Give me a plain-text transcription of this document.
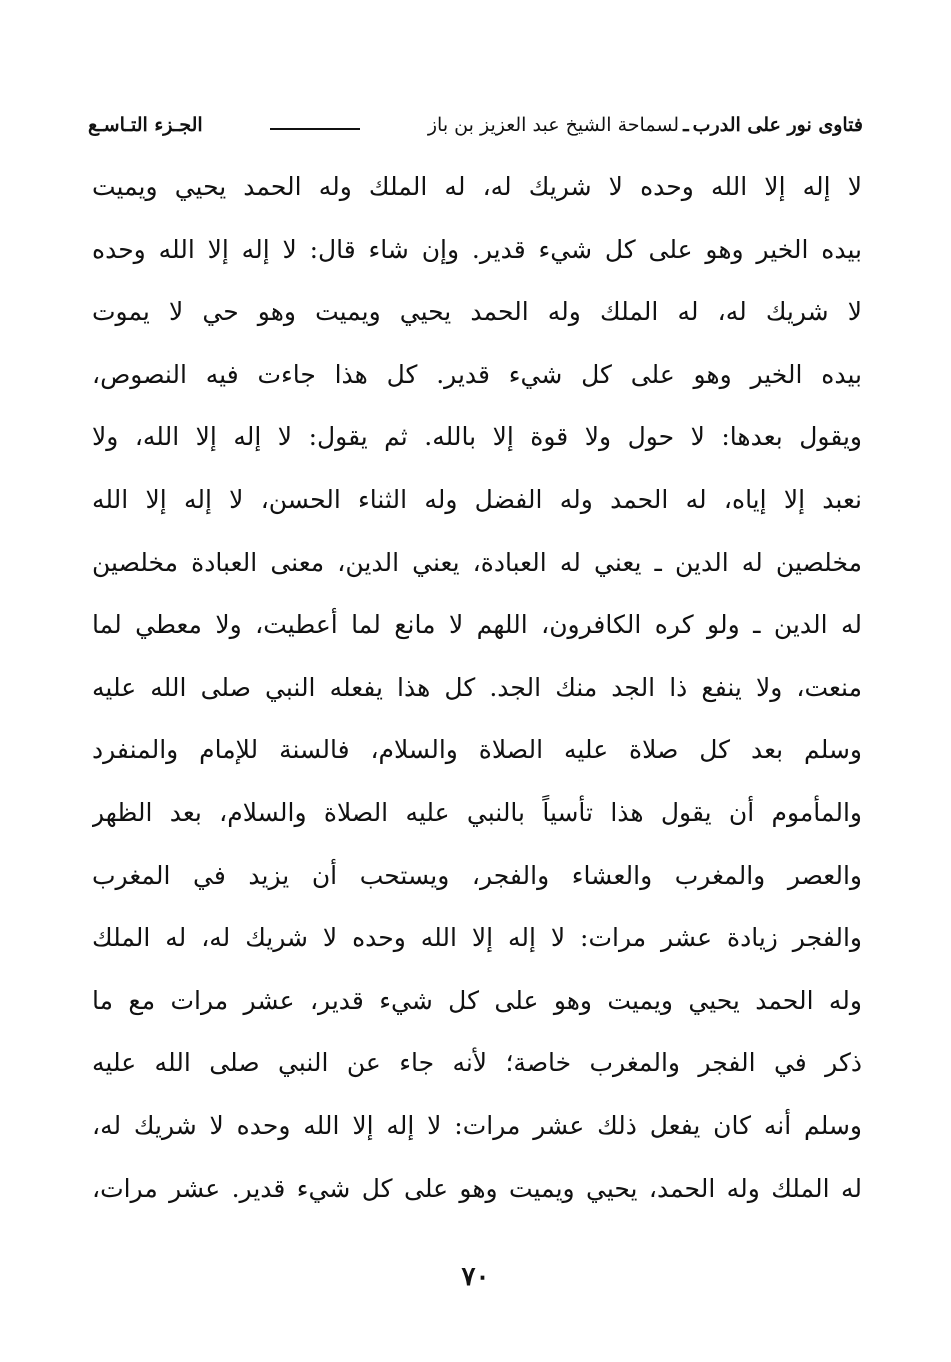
فتاوى نور على الدرب
ـ
لسماحة الشيخ عبد العزيز بن باز
الجـزء التـاسـع
لا إله إلا الله وحده لا شريك له، له الملك وله الحمد يحيي ويميت
بيده الخير وهو على كل شيء قدير. وإن شاء قال: لا إله إلا الله وحده
لا شريك له، له الملك وله الحمد يحيي ويميت وهو حي لا يموت
بيده الخير وهو على كل شيء قدير. كل هذا جاءت فيه النصوص،
ويقول بعدها: لا حول ولا قوة إلا بالله. ثم يقول: لا إله إلا الله، ولا
نعبد إلا إياه، له الحمد وله الفضل وله الثناء الحسن، لا إله إلا الله
مخلصين له الدين ـ يعني له العبادة، يعني الدين، معنى العبادة مخلصين
له الدين ـ ولو كره الكافرون، اللهم لا مانع لما أعطيت، ولا معطي لما
منعت، ولا ينفع ذا الجد منك الجد. كل هذا يفعله النبي صلى الله عليه
وسلم بعد كل صلاة عليه الصلاة والسلام، فالسنة للإمام والمنفرد
والمأموم أن يقول هذا تأسياً بالنبي عليه الصلاة والسلام، بعد الظهر
والعصر والمغرب والعشاء والفجر، ويستحب أن يزيد في المغرب
والفجر زيادة عشر مرات: لا إله إلا الله وحده لا شريك له، له الملك
وله الحمد يحيي ويميت وهو على كل شيء قدير، عشر مرات مع ما
ذكر في الفجر والمغرب خاصة؛ لأنه جاء عن النبي صلى الله عليه
وسلم أنه كان يفعل ذلك عشر مرات: لا إله إلا الله وحده لا شريك له،
له الملك وله الحمد، يحيي ويميت وهو على كل شيء قدير. عشر مرات،
٧٠
